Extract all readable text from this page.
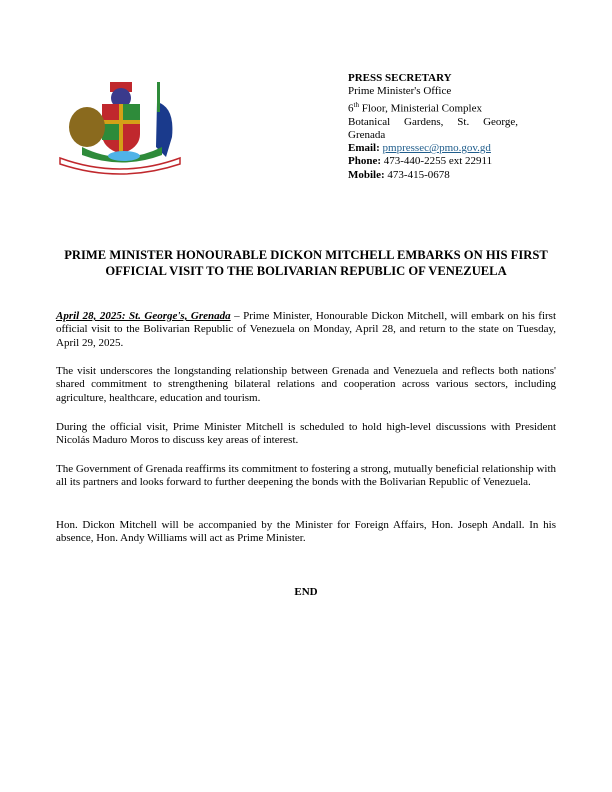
PRESS SECRETARY
Prime Minister's Office
6th Floor, Ministerial Complex
Botanical Gardens, St. George,
Grenada
Email: pmpressec@pmo.gov.gd
Phone: 473-440-2255 ext 22911
Mobile: 473-415-0678
PRIME MINISTER HONOURABLE DICKON MITCHELL EMBARKS ON HIS FIRST OFFICIAL VISIT TO THE BOLIVARIAN REPUBLIC OF VENEZUELA
April 28, 2025: St. George's, Grenada – Prime Minister, Honourable Dickon Mitchell, will embark on his first official visit to the Bolivarian Republic of Venezuela on Monday, April 28, and return to the state on Tuesday, April 29, 2025.
The visit underscores the longstanding relationship between Grenada and Venezuela and reflects both nations' shared commitment to strengthening bilateral relations and cooperation across various sectors, including agriculture, healthcare, education and tourism.
During the official visit, Prime Minister Mitchell is scheduled to hold high-level discussions with President Nicolás Maduro Moros to discuss key areas of interest.
The Government of Grenada reaffirms its commitment to fostering a strong, mutually beneficial relationship with all its partners and looks forward to further deepening the bonds with the Bolivarian Republic of Venezuela.
Hon. Dickon Mitchell will be accompanied by the Minister for Foreign Affairs, Hon. Joseph Andall. In his absence, Hon. Andy Williams will act as Prime Minister.
END
